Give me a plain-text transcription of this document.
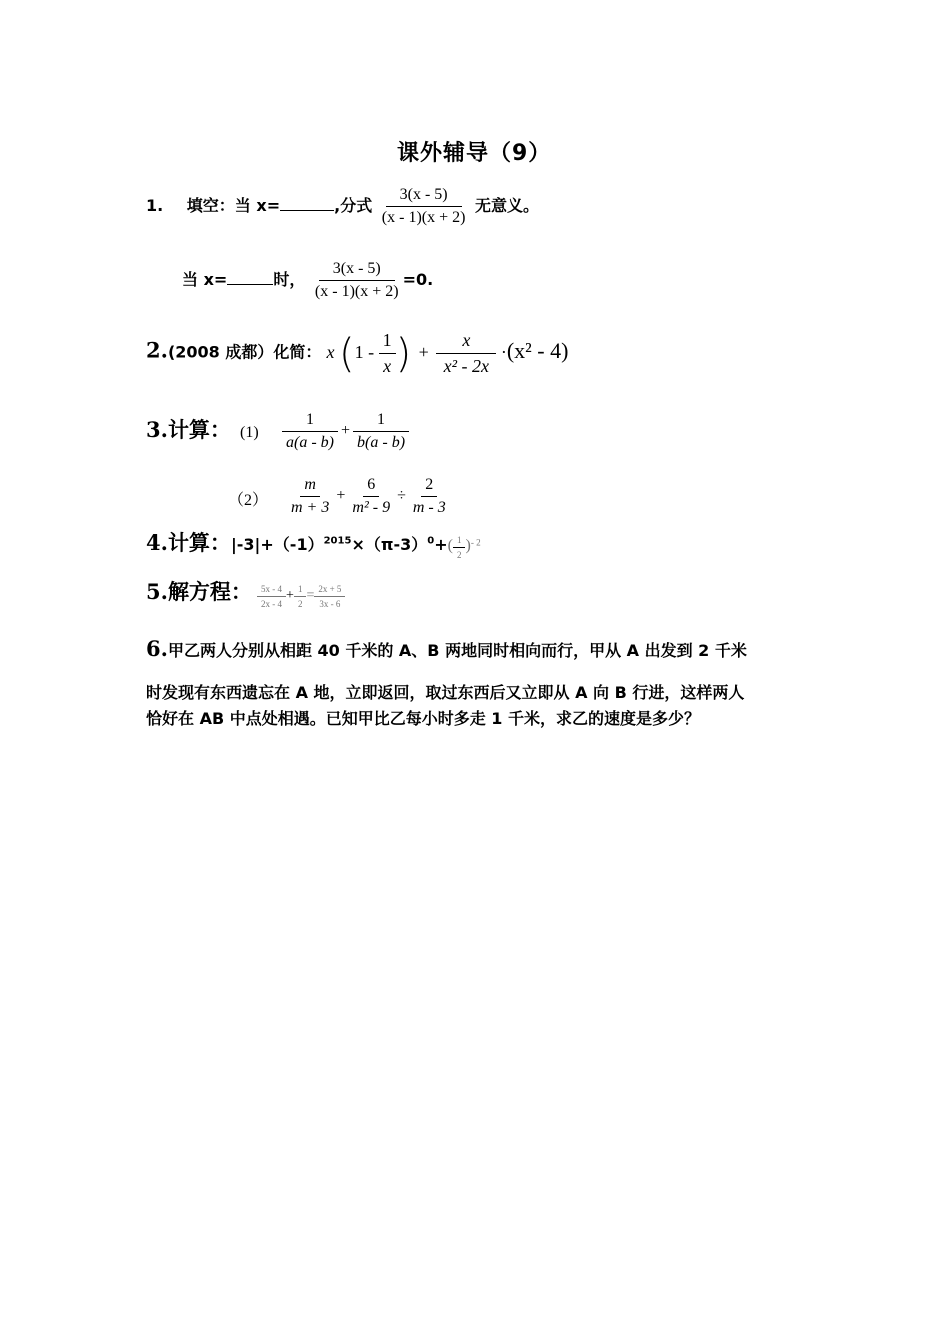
课外辅导（9）
1. 填空：当 x=	,分式 $\frac{3(x - 5)}{(x - 1)(x + 2)}$ 无意义。
当 x=	时， $\frac{3(x - 5)}{(x - 1)(x + 2)} =0$.
2.(2008 成都）化简： x ($1 - \frac{1}{x}$ ) + $\frac{x}{\text{x² - 2x}} \cdot(x^2 - 4)$
3.计算： $(1) \frac{1}{a(a - b)} + \frac{1}{b(a - b)}$
$(2) \frac{m}{m + 3} + \frac{6}{\text{m² - 9}} \div \frac{2}{m - 3}$
4.计算：$|-3|+(-1)^{2015}\times(\pi-3)^0+( \frac{1}{2} )^{- 2}$
5.解方程： $\frac{5x - 4}{2x - 4} + \frac{1}{2} = \frac{2x + 5}{3x - 6}$
6.甲乙两人分别从相距 40 千米的 A、B 两地同时相向而行，甲从 A 出发到 2 千米
时发现有东西遗忘在 A 地，立即返回，取过东西后又立即从 A 向 B 行进，这样两人
恰好在 AB 中点处相遇。已知甲比乙每小时多走 1 千米，求乙的速度是多少？
